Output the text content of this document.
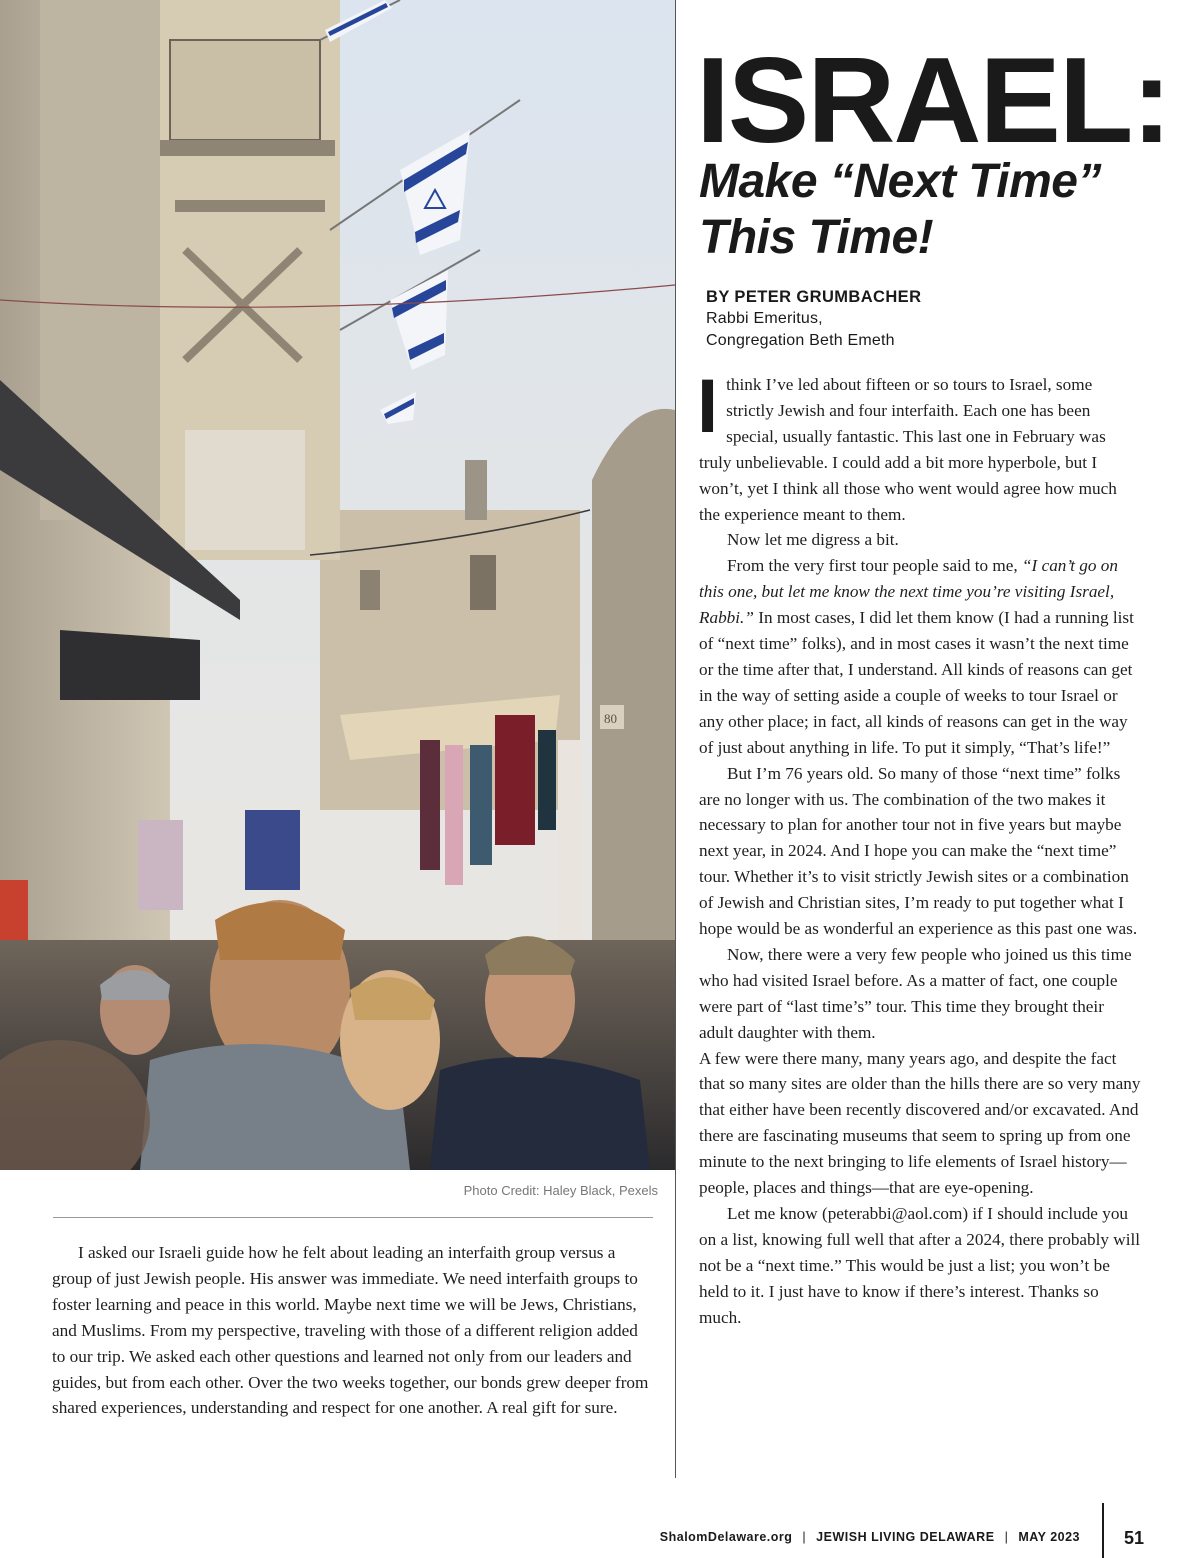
80
Photo Credit: Haley Black, Pexels

I asked our Israeli guide how he felt about leading an interfaith group versus a group of just Jewish people. His answer was immediate. We need interfaith groups to foster learning and peace in this world. Maybe next time we will be Jews, Christians, and Muslims. From my perspective, traveling with those of a different religion added to our trip. We asked each other questions and learned not only from our leaders and guides, but from each other. Over the two weeks together, our bonds grew deeper from shared experiences, understanding and respect for one another. A real gift for sure.

ISRAEL:
Make “Next Time”
This Time!
BY PETER GRUMBACHER
Rabbi Emeritus,
Congregation Beth Emeth

Ithink I’ve led about fifteen or so tours to Israel, some strictly Jewish and four interfaith. Each one has been special, usually fantastic. This last one in February was truly unbelievable. I could add a bit more hyperbole, but I won’t, yet I think all those who went would agree how much the experience meant to them.

Now let me digress a bit.

From the very first tour people said to me, “I can’t go on this one, but let me know the next time you’re visiting Israel, Rabbi.” In most cases, I did let them know (I had a running list of “next time” folks), and in most cases it wasn’t the next time or the time after that, I understand. All kinds of reasons can get in the way of setting aside a couple of weeks to tour Israel or any other place; in fact, all kinds of reasons can get in the way of just about anything in life. To put it simply, “That’s life!”

But I’m 76 years old. So many of those “next time” folks are no longer with us. The combination of the two makes it necessary to plan for another tour not in five years but maybe next year, in 2024. And I hope you can make the “next time” tour. Whether it’s to visit strictly Jewish sites or a combination of Jewish and Christian sites, I’m ready to put together what I hope would be as wonderful an experience as this past one was.

Now, there were a very few people who joined us this time who had visited Israel before. As a matter of fact, one couple were part of “last time’s” tour. This time they brought their adult daughter with them.

A few were there many, many years ago, and despite the fact that so many sites are older than the hills there are so very many that either have been recently discovered and/or excavated. And there are fascinating museums that seem to spring up from one minute to the next bringing to life elements of Israel history—people, places and things—that are eye-opening.

Let me know (peterabbi@aol.com) if I should include you on a list, knowing full well that after a 2024, there probably will not be a “next time.” This would be just a list; you won’t be held to it. I just have to know if there’s interest. Thanks so much.

ShalomDelaware.org | JEWISH LIVING DELAWARE | MAY 2023 51
